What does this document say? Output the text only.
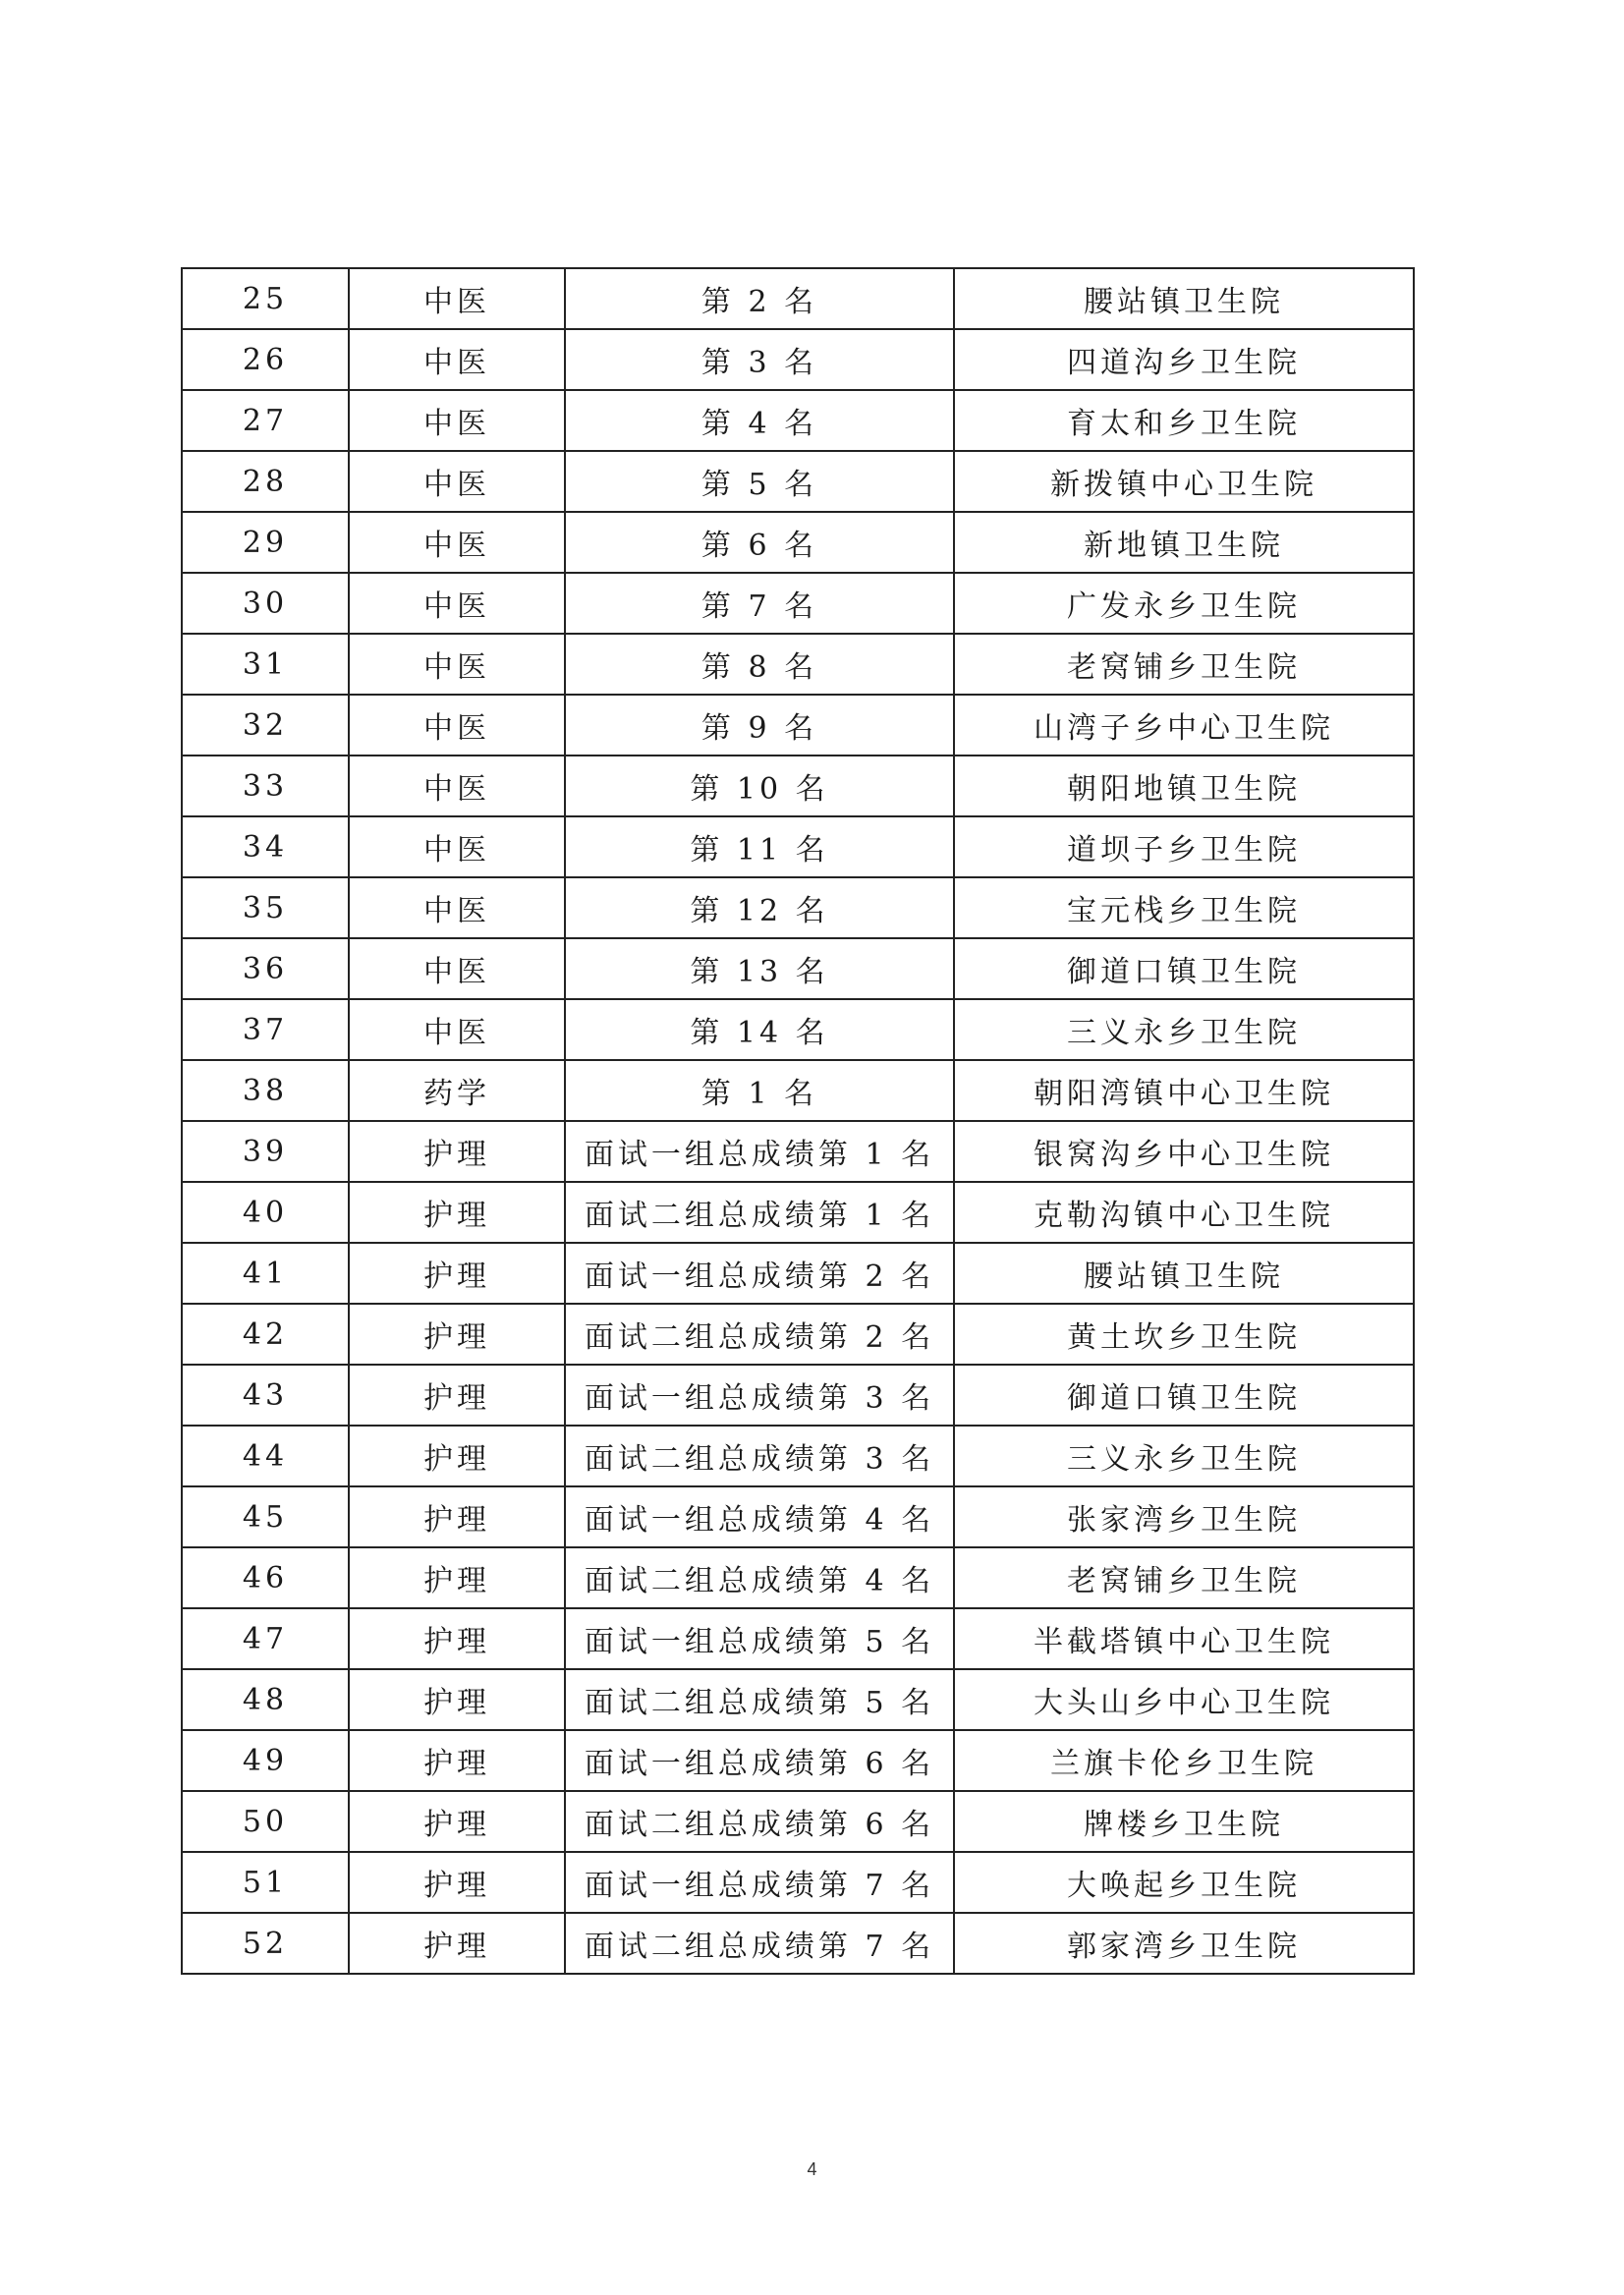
25	中医	第 2 名	腰站镇卫生院
26	中医	第 3 名	四道沟乡卫生院
27	中医	第 4 名	育太和乡卫生院
28	中医	第 5 名	新拨镇中心卫生院
29	中医	第 6 名	新地镇卫生院
30	中医	第 7 名	广发永乡卫生院
31	中医	第 8 名	老窝铺乡卫生院
32	中医	第 9 名	山湾子乡中心卫生院
33	中医	第 10 名	朝阳地镇卫生院
34	中医	第 11 名	道坝子乡卫生院
35	中医	第 12 名	宝元栈乡卫生院
36	中医	第 13 名	御道口镇卫生院
37	中医	第 14 名	三义永乡卫生院
38	药学	第 1 名	朝阳湾镇中心卫生院
39	护理	面试一组总成绩第 1 名	银窝沟乡中心卫生院
40	护理	面试二组总成绩第 1 名	克勒沟镇中心卫生院
41	护理	面试一组总成绩第 2 名	腰站镇卫生院
42	护理	面试二组总成绩第 2 名	黄土坎乡卫生院
43	护理	面试一组总成绩第 3 名	御道口镇卫生院
44	护理	面试二组总成绩第 3 名	三义永乡卫生院
45	护理	面试一组总成绩第 4 名	张家湾乡卫生院
46	护理	面试二组总成绩第 4 名	老窝铺乡卫生院
47	护理	面试一组总成绩第 5 名	半截塔镇中心卫生院
48	护理	面试二组总成绩第 5 名	大头山乡中心卫生院
49	护理	面试一组总成绩第 6 名	兰旗卡伦乡卫生院
50	护理	面试二组总成绩第 6 名	牌楼乡卫生院
51	护理	面试一组总成绩第 7 名	大唤起乡卫生院
52	护理	面试二组总成绩第 7 名	郭家湾乡卫生院
4
